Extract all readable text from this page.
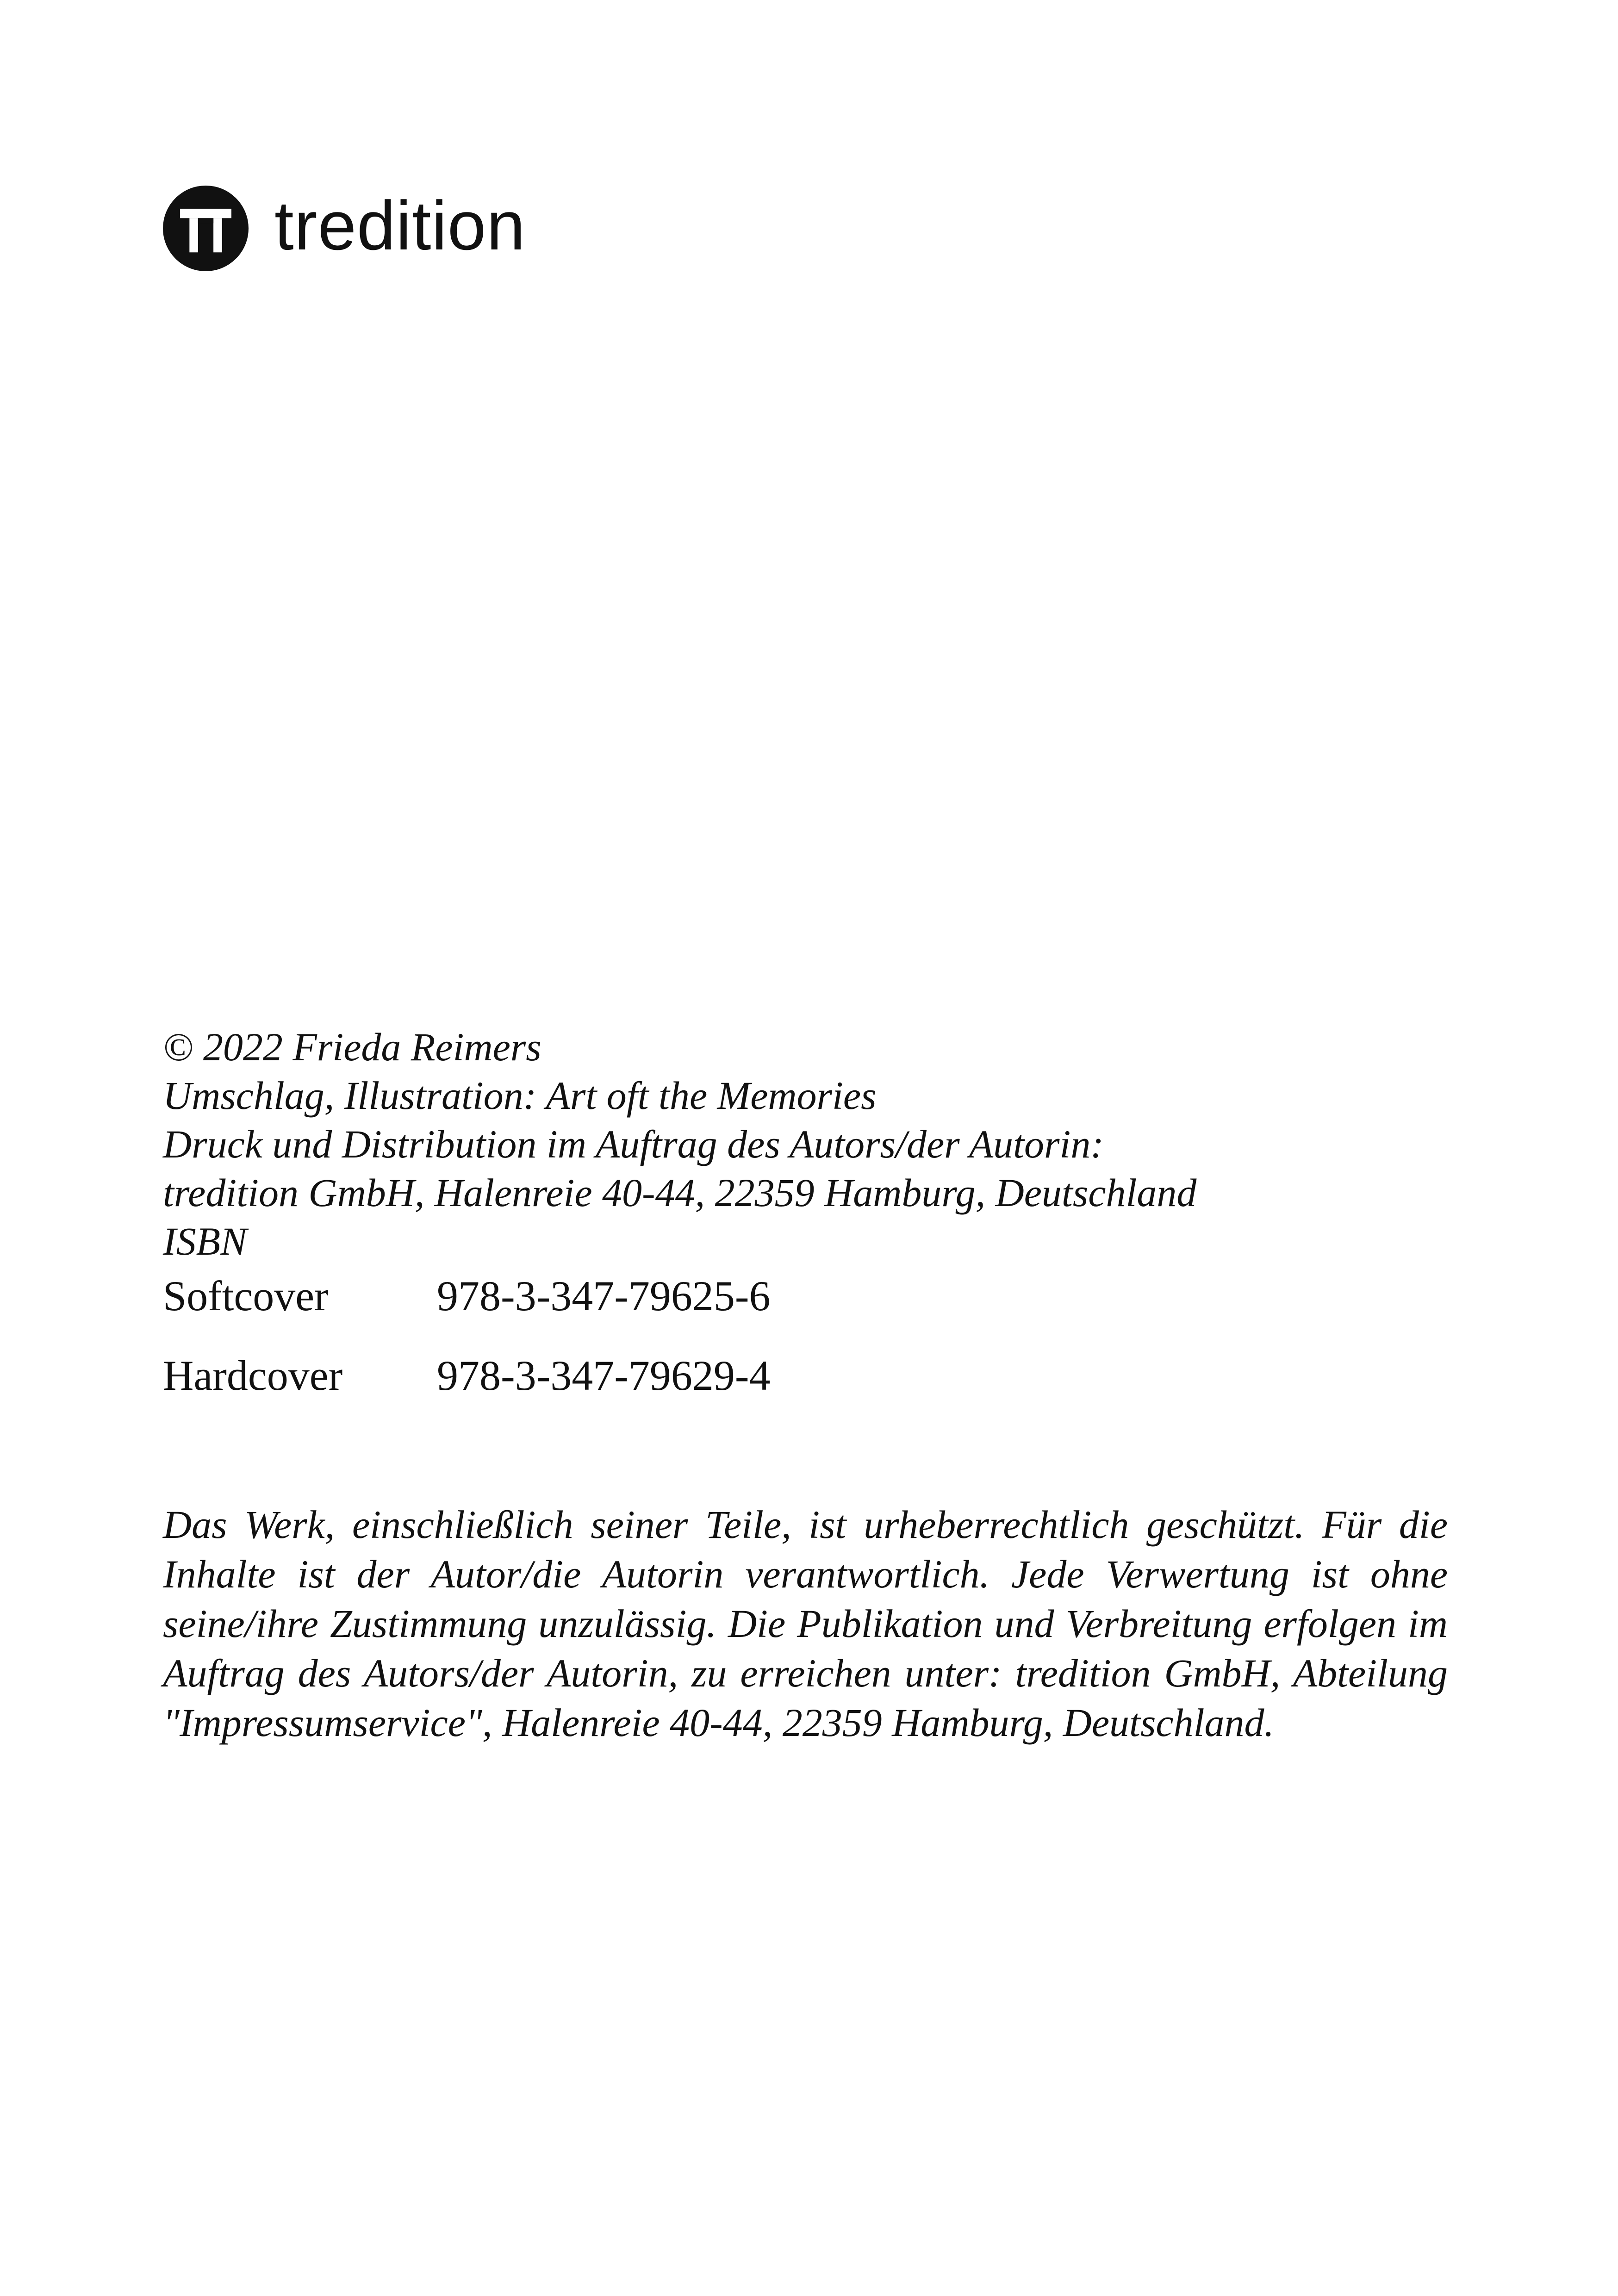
tredition
© 2022 Frieda Reimers
Umschlag, Illustration: Art oft the Memories
Druck und Distribution im Auftrag des Autors/der Autorin:
tredition GmbH, Halenreie 40-44, 22359 Hamburg, Deutschland
ISBN
Softcover	978-3-347-79625-6
Hardcover	978-3-347-79629-4

Das Werk, einschließlich seiner Teile, ist urheberrechtlich geschützt. Für die Inhalte ist der Autor/die Autorin verantwortlich. Jede Verwertung ist ohne seine/ihre Zustimmung unzulässig. Die Publikation und Verbreitung erfolgen im Auftrag des Autors/der Autorin, zu erreichen unter: tredition GmbH, Abteilung "Impressumservice", Halenreie 40-44, 22359 Hamburg, Deutschland.
